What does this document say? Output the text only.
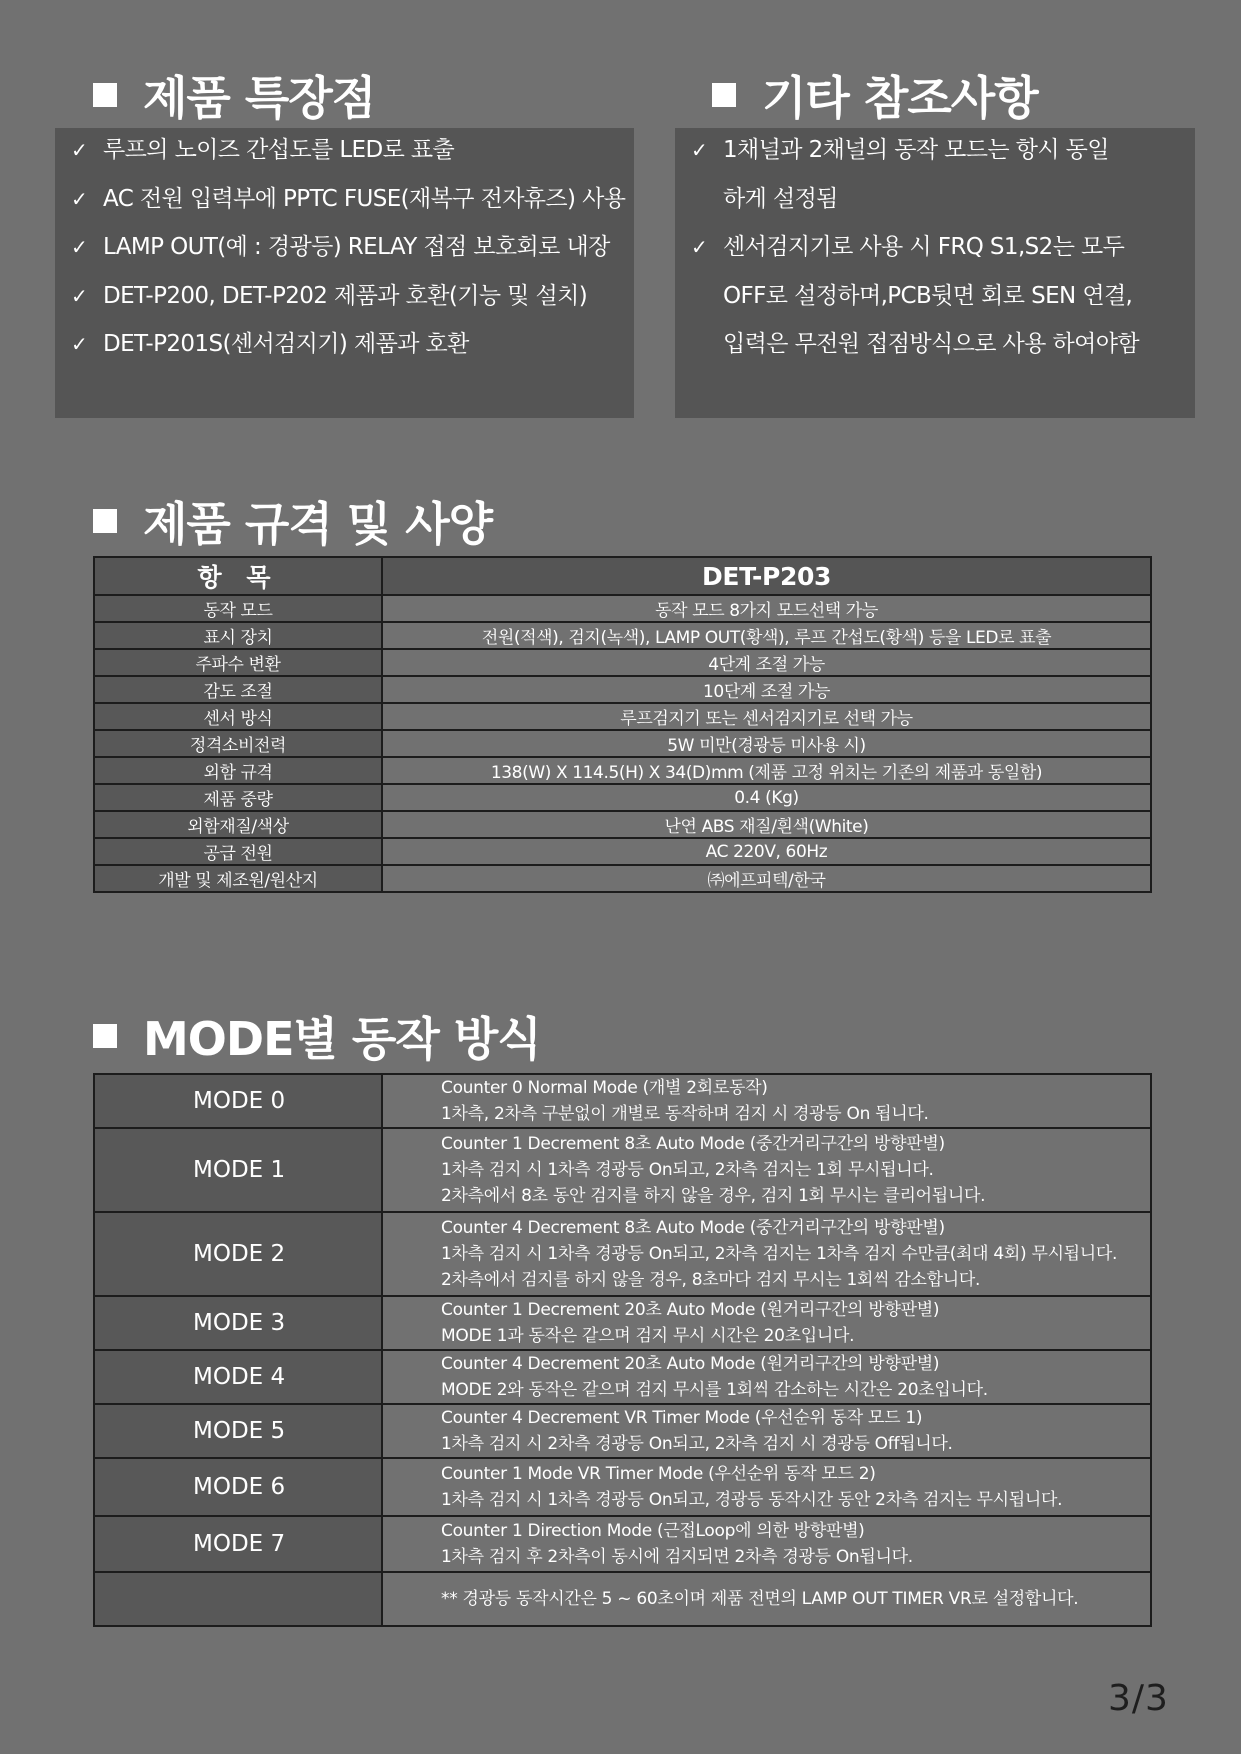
제품 특장점	기타 참조사항
✓ 루프의 노이즈 간섭도를 LED로 표출
✓ AC 전원 입력부에 PPTC FUSE(재복구 전자휴즈) 사용
✓ LAMP OUT(예 : 경광등) RELAY 접점 보호회로 내장
✓ DET-P200, DET-P202 제품과 호환(기능 및 설치)
✓ DET-P201S(센서검지기) 제품과 호환
✓ 1채널과 2채널의 동작 모드는 항시 동일
하게 설정됨
✓ 센서검지기로 사용 시 FRQ S1,S2는 모두
OFF로 설정하며,PCB뒷면 회로 SEN 연결,
입력은 무전원 접점방식으로 사용 하여야함
제품 규격 및 사양
항 목	DET-P203
동작 모드	동작 모드 8가지 모드선택 가능
표시 장치	전원(적색), 검지(녹색), LAMP OUT(황색), 루프 간섭도(황색) 등을 LED로 표출
주파수 변환	4단계 조절 가능
감도 조절	10단계 조절 가능
센서 방식	루프검지기 또는 센서검지기로 선택 가능
정격소비전력	5W 미만(경광등 미사용 시)
외함 규격	138(W) X 114.5(H) X 34(D)mm (제품 고정 위치는 기존의 제품과 동일함)
제품 중량	0.4 (Kg)
외함재질/색상	난연 ABS 재질/흰색(White)
공급 전원	AC 220V, 60Hz
개발 및 제조원/원산지	㈜에프피텍/한국
MODE별 동작 방식
MODE 0	Counter 0 Normal Mode (개별 2회로동작)
1차측, 2차측 구분없이 개별로 동작하며 검지 시 경광등 On 됩니다.

MODE 1	Counter 1 Decrement 8초 Auto Mode (중간거리구간의 방향판별)
1차측 검지 시 1차측 경광등 On되고, 2차측 검지는 1회 무시됩니다.
2차측에서 8초 동안 검지를 하지 않을 경우, 검지 1회 무시는 클리어됩니다.

MODE 2	Counter 4 Decrement 8초 Auto Mode (중간거리구간의 방향판별)
1차측 검지 시 1차측 경광등 On되고, 2차측 검지는 1차측 검지 수만큼(최대 4회) 무시됩니다.
2차측에서 검지를 하지 않을 경우, 8초마다 검지 무시는 1회씩 감소합니다.

MODE 3	Counter 1 Decrement 20초 Auto Mode (원거리구간의 방향판별)
MODE 1과 동작은 같으며 검지 무시 시간은 20초입니다.

MODE 4	Counter 4 Decrement 20초 Auto Mode (원거리구간의 방향판별)
MODE 2와 동작은 같으며 검지 무시를 1회씩 감소하는 시간은 20초입니다.

MODE 5	Counter 4 Decrement VR Timer Mode (우선순위 동작 모드 1)
1차측 검지 시 2차측 경광등 On되고, 2차측 검지 시 경광등 Off됩니다.

MODE 6	Counter 1 Mode VR Timer Mode (우선순위 동작 모드 2)
1차측 검지 시 1차측 경광등 On되고, 경광등 동작시간 동안 2차측 검지는 무시됩니다.

MODE 7	Counter 1 Direction Mode (근접Loop에 의한 방향판별)
1차측 검지 후 2차측이 동시에 검지되면 2차측 경광등 On됩니다.

	** 경광등 동작시간은 5 ~ 60초이며 제품 전면의 LAMP OUT TIMER VR로 설정합니다.
3/3
